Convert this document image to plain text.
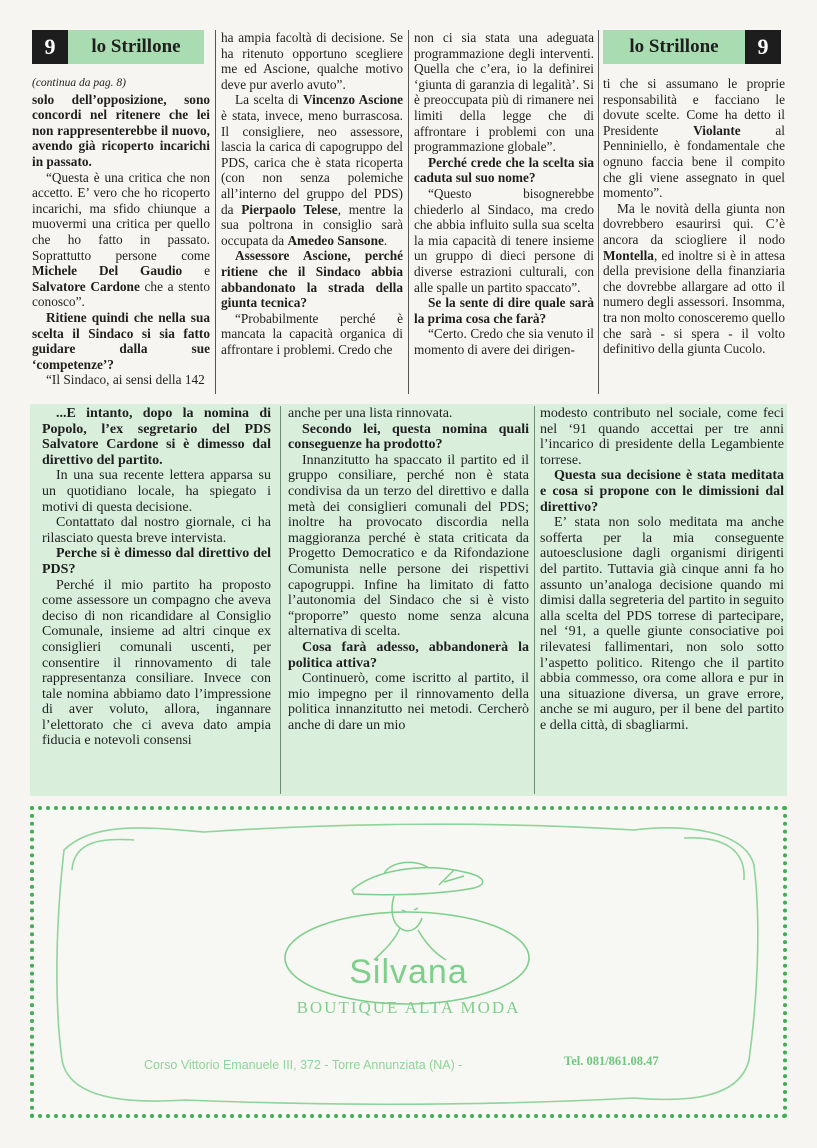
9	lo Strillone	lo Strillone	9

(continua da pag. 8)

solo dell’opposizione, sono concordi nel ritenere che lei non rappresenterebbe il nuovo, avendo già ricoperto incarichi in passato.

“Questa è una critica che non accetto. E’ vero che ho ricoperto incarichi, ma sfido chiunque a muovermi una critica per quello che ho fatto in passato. Soprattutto persone come Michele Del Gaudio e Salvatore Cardone che a stento conosco”.

Ritiene quindi che nella sua scelta il Sindaco si sia fatto guidare dalla sue ‘competenze’?

“Il Sindaco, ai sensi della 142

ha ampia facoltà di decisione. Se ha ritenuto opportuno scegliere me ed Ascione, qualche motivo deve pur averlo avuto”.

La scelta di Vincenzo Ascione è stata, invece, meno burrascosa. Il consigliere, neo assessore, lascia la carica di capogruppo del PDS, carica che è stata ricoperta (con non senza polemiche all’interno del gruppo del PDS) da Pierpaolo Telese, mentre la sua poltrona in consiglio sarà occupata da Amedeo Sansone.

Assessore Ascione, perché ritiene che il Sindaco abbia abbandonato la strada della giunta tecnica?

“Probabilmente perché è mancata la capacità organica di affrontare i problemi. Credo che

non ci sia stata una adeguata programmazione degli interventi. Quella che c’era, io la definirei ‘giunta di garanzia di legalità’. Si è preoccupata più di rimanere nei limiti della legge che di affrontare i problemi con una programmazione globale”.

Perché crede che la scelta sia caduta sul suo nome?

“Questo bisognerebbe chiederlo al Sindaco, ma credo che abbia influito sulla sua scelta la mia capacità di tenere insieme un gruppo di dieci persone di diverse estrazioni culturali, con alle spalle un partito spaccato”.

Se la sente di dire quale sarà la prima cosa che farà?

“Certo. Credo che sia venuto il momento di avere dei dirigen-

ti che si assumano le proprie responsabilità e facciano le dovute scelte. Come ha detto il Presidente Violante al Penniniello, è fondamentale che ognuno faccia bene il compito che gli viene assegnato in quel momento”.

Ma le novità della giunta non dovrebbero esaurirsi qui. C’è ancora da sciogliere il nodo Montella, ed inoltre si è in attesa della previsione della finanziaria che dovrebbe allargare ad otto il numero degli assessori. Insomma, tra non molto conosceremo quello che sarà - si spera - il volto definitivo della giunta Cucolo.

...E intanto, dopo la nomina di Popolo, l’ex segretario del PDS Salvatore Cardone si è dimesso dal direttivo del partito.

In una sua recente lettera apparsa su un quotidiano locale, ha spiegato i motivi di questa decisione.

Contattato dal nostro giornale, ci ha rilasciato questa breve intervista.

Perche si è dimesso dal direttivo del PDS?

Perché il mio partito ha proposto come assessore un compagno che aveva deciso di non ricandidare al Consiglio Comunale, insieme ad altri cinque ex consiglieri comunali uscenti, per consentire il rinnovamento di tale rappresentanza consiliare. Invece con tale nomina abbiamo dato l’impressione di aver voluto, allora, ingannare l’elettorato che ci aveva dato ampia fiducia e notevoli consensi

anche per una lista rinnovata.

Secondo lei, questa nomina quali conseguenze ha prodotto?

Innanzitutto ha spaccato il partito ed il gruppo consiliare, perché non è stata condivisa da un terzo del direttivo e dalla metà dei consiglieri comunali del PDS; inoltre ha provocato discordia nella maggioranza perché è stata criticata da Progetto Democratico e da Rifondazione Comunista nelle persone dei rispettivi capogruppi. Infine ha limitato di fatto l’autonomia del Sindaco che si è visto “proporre” questo nome senza alcuna alternativa di scelta.

Cosa farà adesso, abbandonerà la politica attiva?

Continuerò, come iscritto al partito, il mio impegno per il rinnovamento della politica innanzitutto nei metodi. Cercherò anche di dare un mio

modesto contributo nel sociale, come feci nel ‘91 quando accettai per tre anni l’incarico di presidente della Legambiente torrese.

Questa sua decisione è stata meditata e cosa si propone con le dimissioni dal direttivo?

E’ stata non solo meditata ma anche sofferta per la mia conseguente autoesclusione dagli organismi dirigenti del partito. Tuttavia già cinque anni fa ho assunto un’analoga decisione quando mi dimisi dalla segreteria del partito in seguito alla scelta del PDS torrese di partecipare, nel ‘91, a quelle giunte consociative poi rilevatesi fallimentari, non solo sotto l’aspetto politico. Ritengo che il partito abbia commesso, ora come allora e pur in una situazione diversa, un grave errore, anche se mi auguro, per il bene del partito e della città, di sbagliarmi.

Silvana
BOUTIQUE ALTA MODA
Corso Vittorio Emanuele III, 372 - Torre Annunziata (NA) -	Tel. 081/861.08.47
